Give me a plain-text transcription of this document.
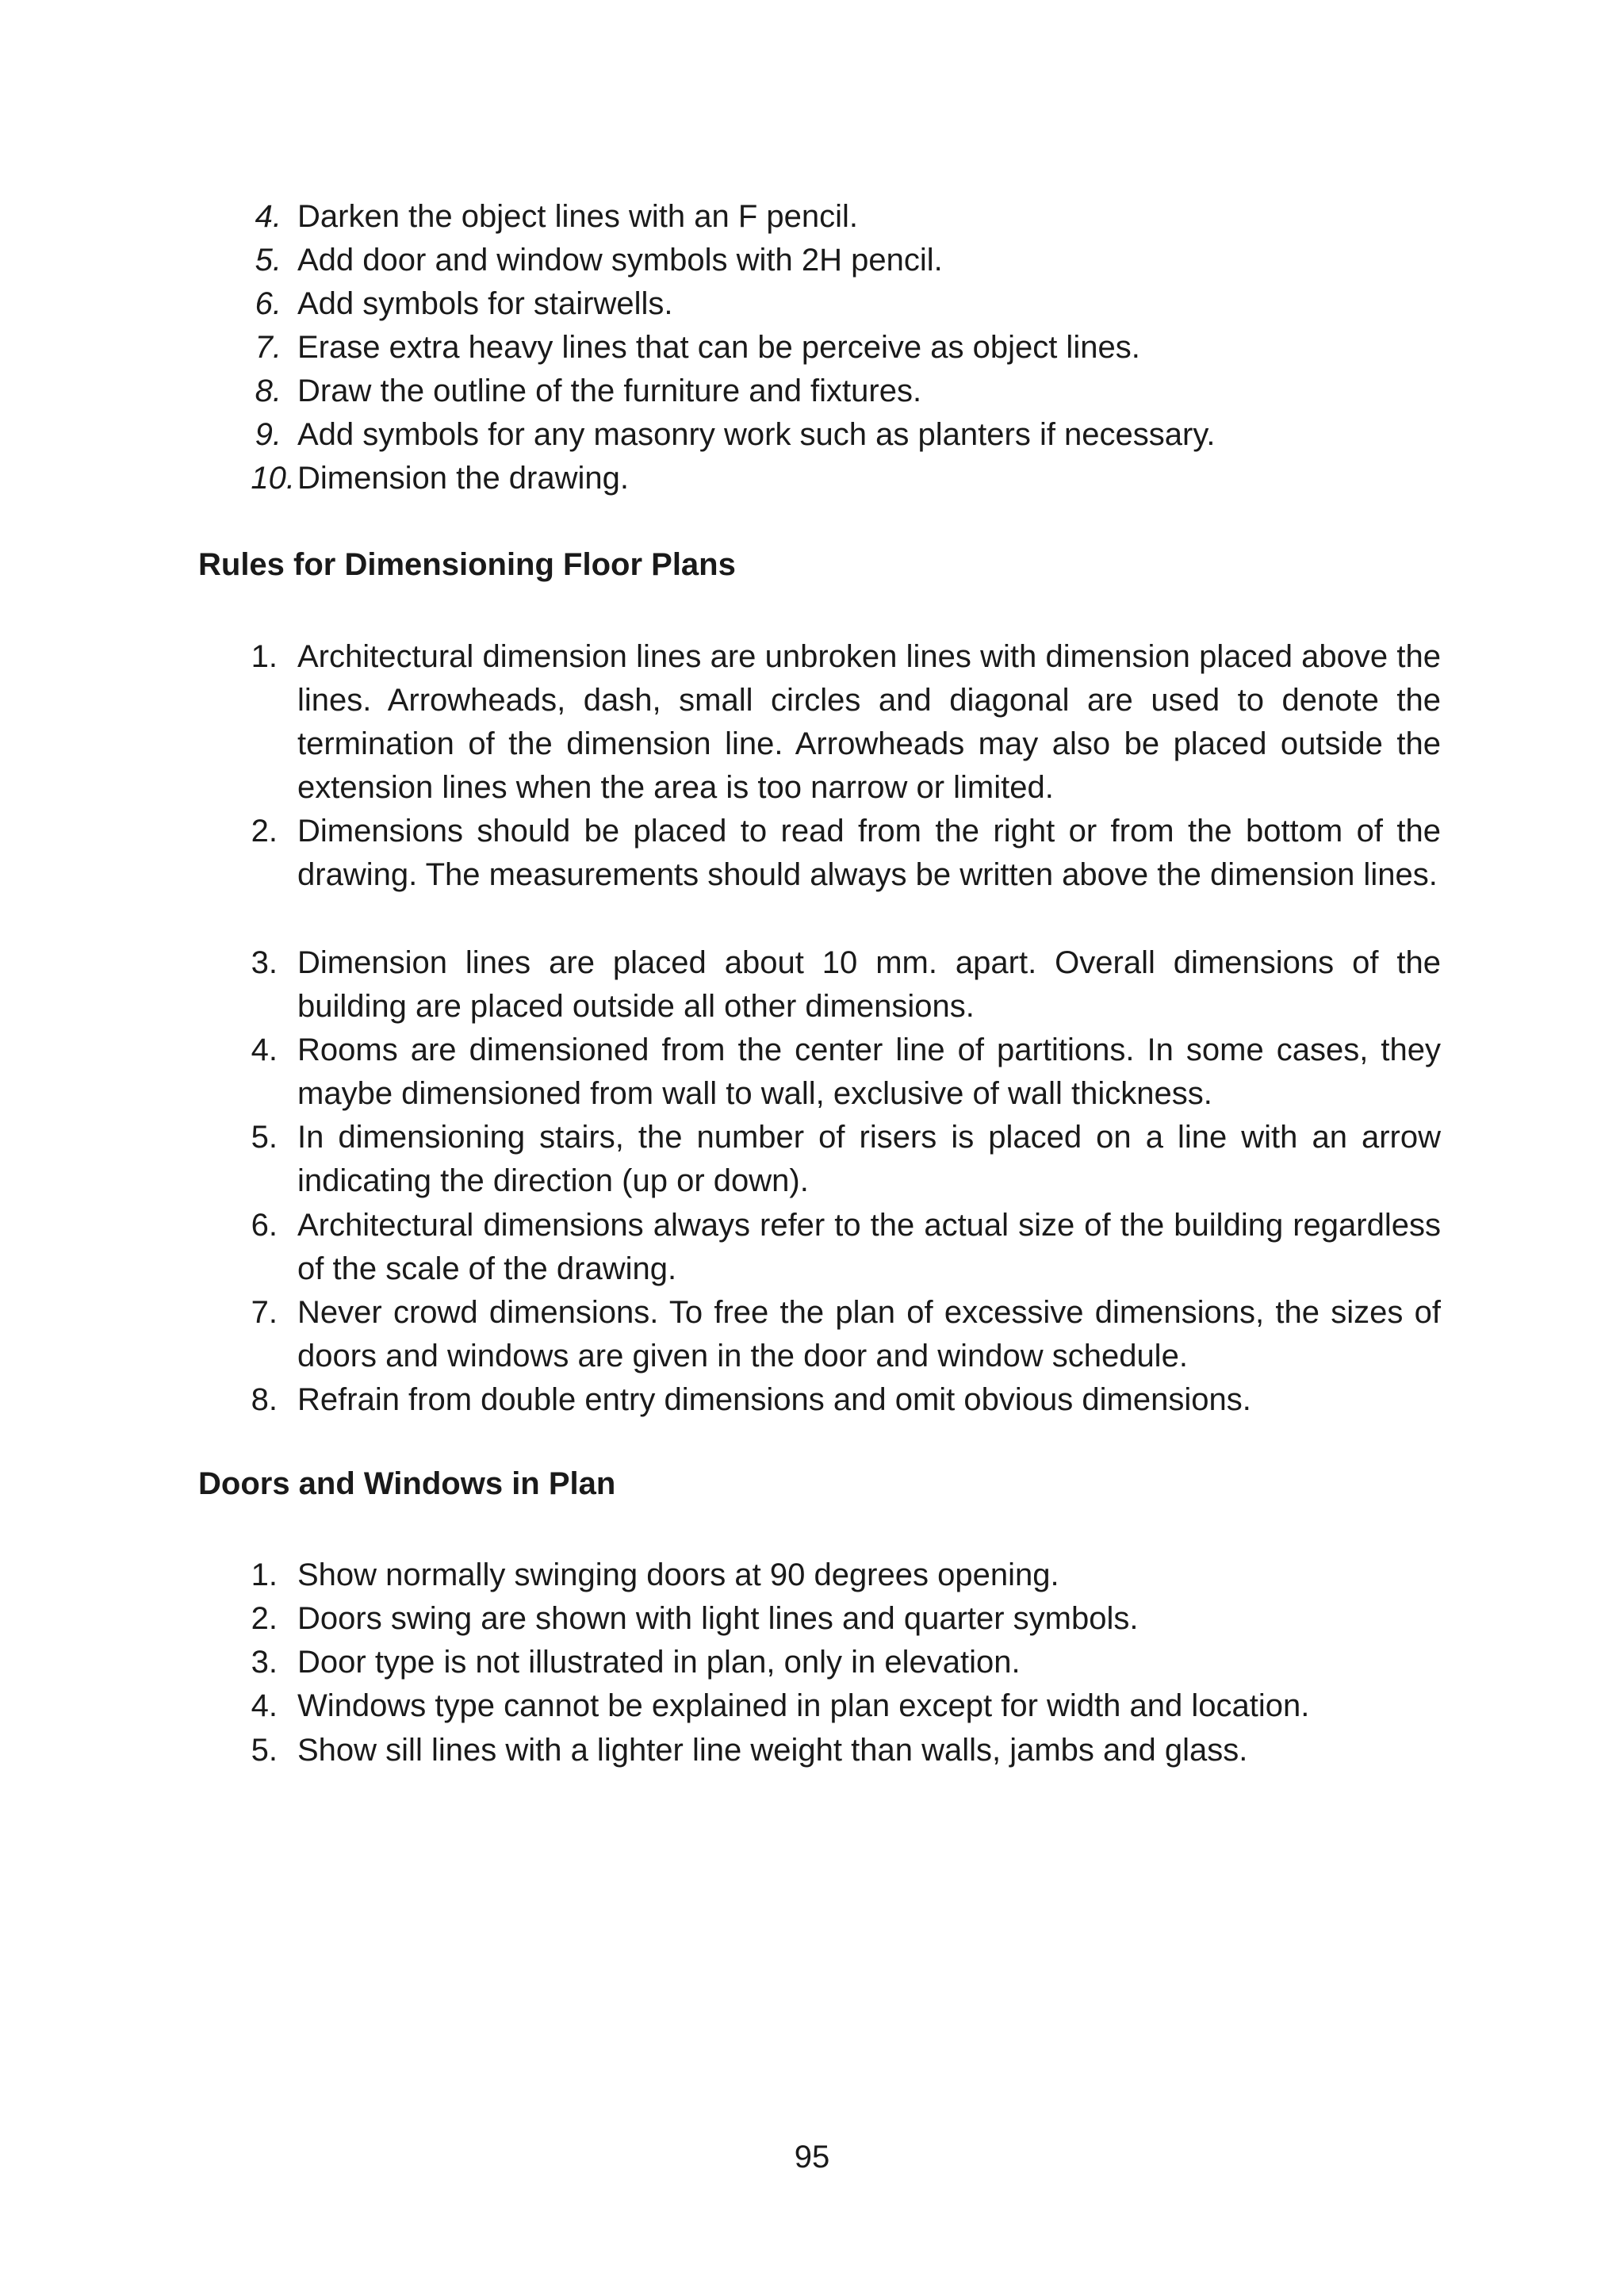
4. Darken the object lines with an F pencil.
5. Add door and window symbols with 2H pencil.
6. Add symbols for stairwells.
7. Erase extra heavy lines that can be perceive as object lines.
8. Draw the outline of the furniture and fixtures.
9. Add symbols for any masonry work such as planters if necessary.
10. Dimension the drawing.
Rules for Dimensioning Floor Plans
1. Architectural dimension lines are unbroken lines with dimension placed above the lines. Arrowheads, dash, small circles and diagonal are used to denote the termination of the dimension line. Arrowheads may also be placed outside the extension lines when the area is too narrow or limited.
2. Dimensions should be placed to read from the right or from the bottom of the drawing. The measurements should always be written above the dimension lines.
3. Dimension lines are placed about 10 mm. apart. Overall dimensions of the building are placed outside all other dimensions.
4. Rooms are dimensioned from the center line of partitions. In some cases, they maybe dimensioned from wall to wall, exclusive of wall thickness.
5. In dimensioning stairs, the number of risers is placed on a line with an arrow indicating the direction (up or down).
6. Architectural dimensions always refer to the actual size of the building regardless of the scale of the drawing.
7. Never crowd dimensions. To free the plan of excessive dimensions, the sizes of doors and windows are given in the door and window schedule.
8. Refrain from double entry dimensions and omit obvious dimensions.
Doors and Windows in Plan
1. Show normally swinging doors at 90 degrees opening.
2. Doors swing are shown with light lines and quarter symbols.
3. Door type is not illustrated in plan, only in elevation.
4. Windows type cannot be explained in plan except for width and location.
5. Show sill lines with a lighter line weight than walls, jambs and glass.
95
